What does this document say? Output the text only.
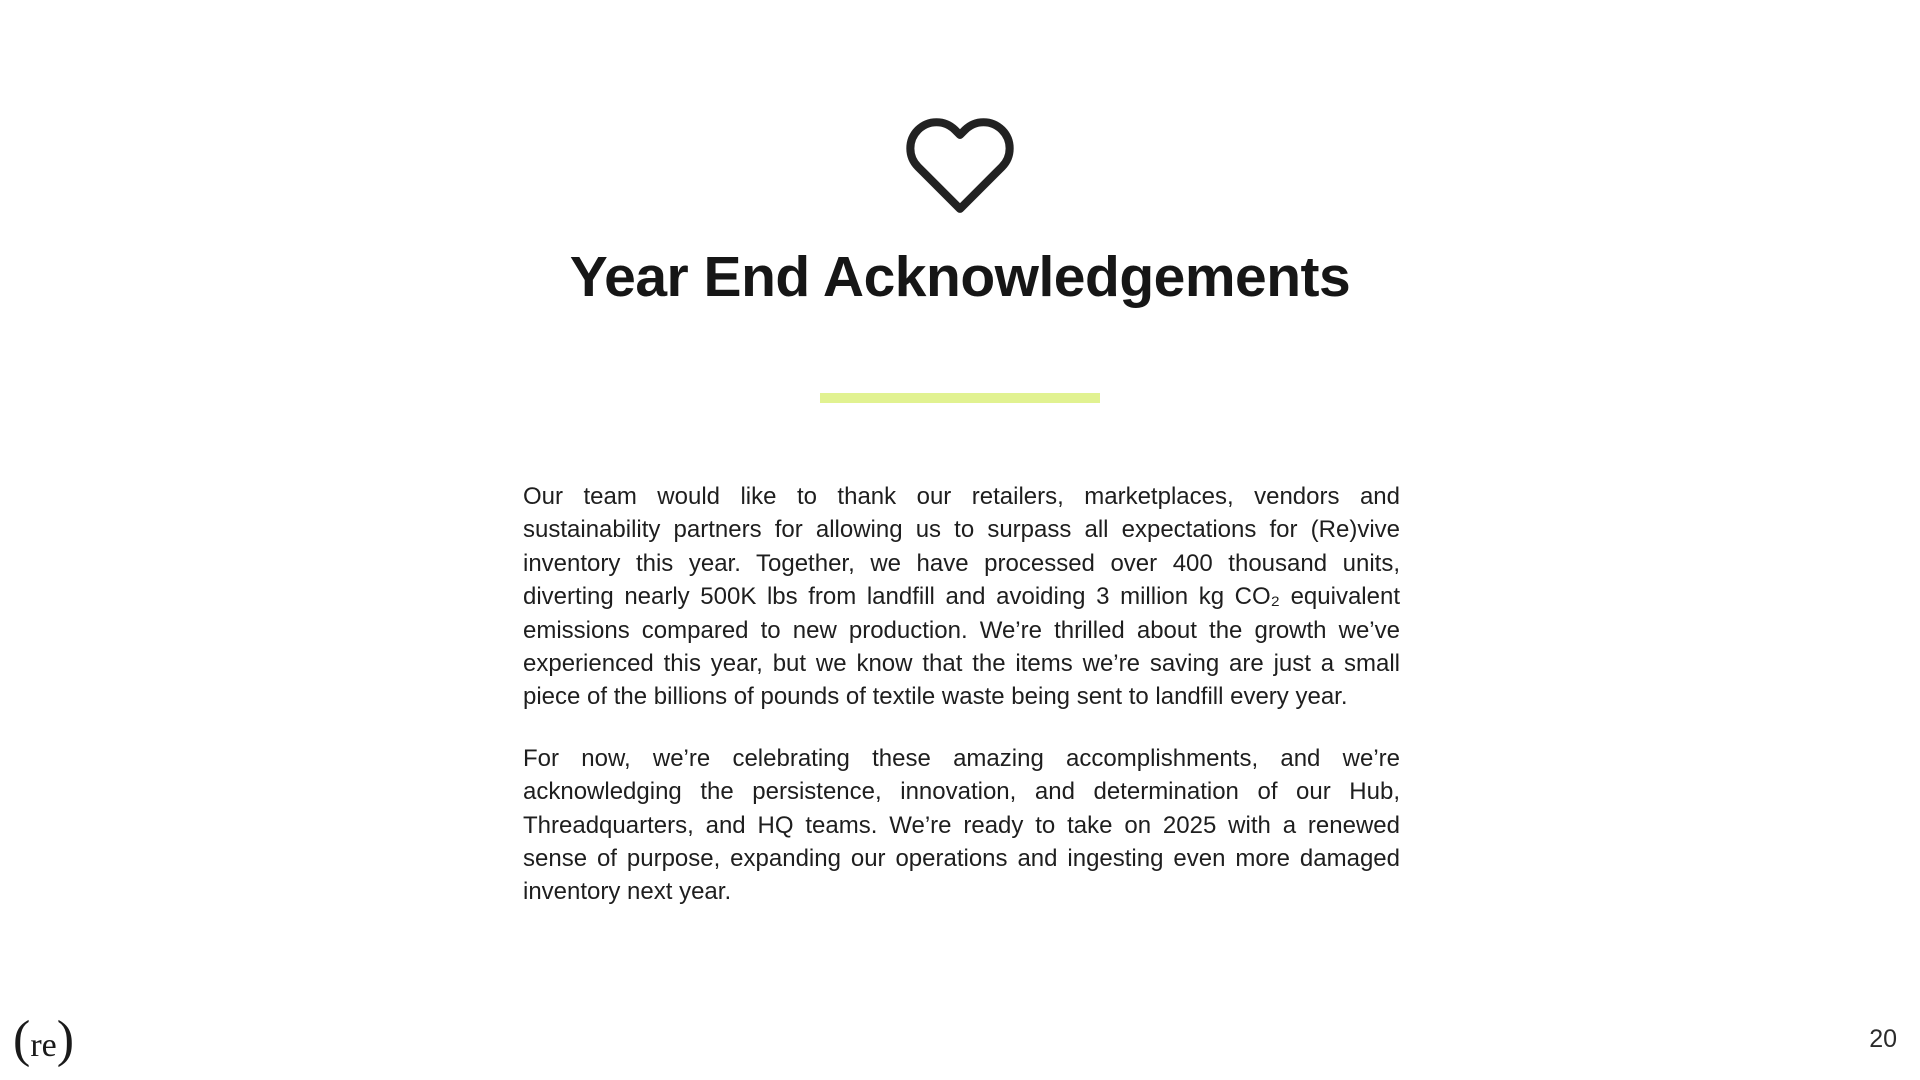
Year End Acknowledgements

Our team would like to thank our retailers, marketplaces, vendors and sustainability partners for allowing us to surpass all expectations for (Re)vive inventory this year. Together, we have processed over 400 thousand units, diverting nearly 500K lbs from landfill and avoiding 3 million kg CO₂ equivalent emissions compared to new production. We’re thrilled about the growth we’ve experienced this year, but we know that the items we’re saving are just a small piece of the billions of pounds of textile waste being sent to landfill every year.

For now, we’re celebrating these amazing accomplishments, and we’re acknowledging the persistence, innovation, and determination of our Hub, Threadquarters, and HQ teams. We’re ready to take on 2025 with a renewed sense of purpose, expanding our operations and ingesting even more damaged inventory next year.

(re)	20
